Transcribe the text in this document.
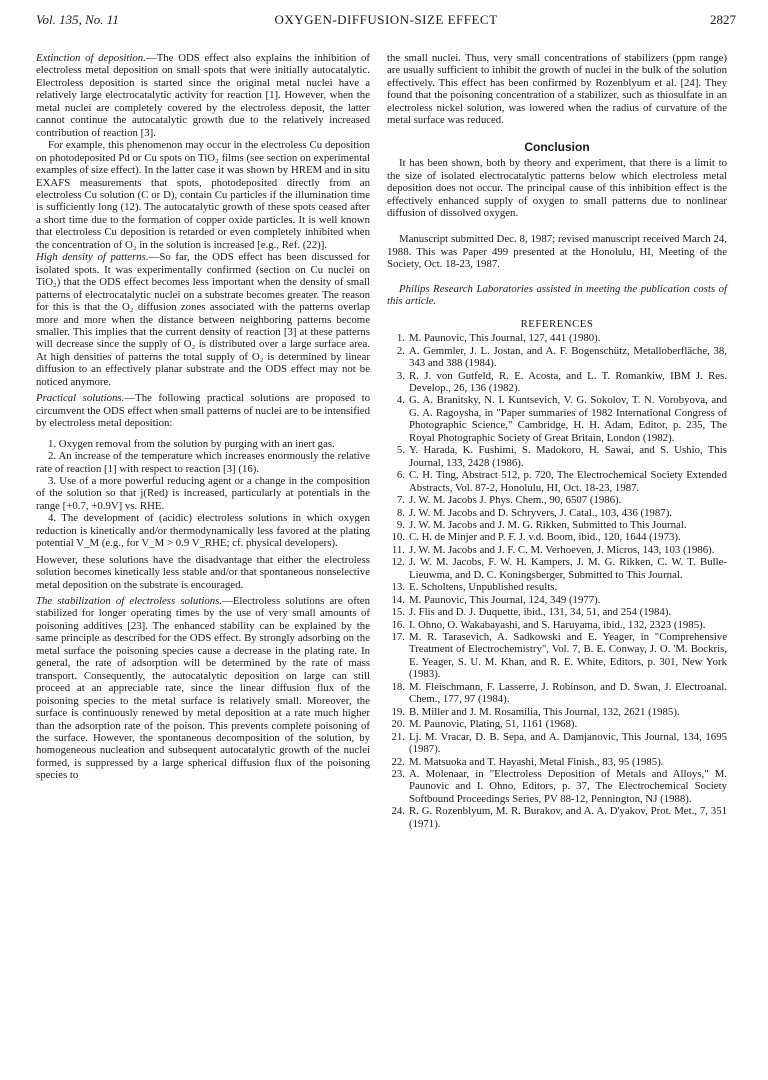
Vol. 135, No. 11	OXYGEN-DIFFUSION-SIZE EFFECT	2827

Extinction of deposition.—The ODS effect also explains the inhibition of electroless metal deposition on small spots that were initially autocatalytic. Electroless deposition is started since the original metal nuclei have a relatively large electrocatalytic activity for reaction [1]. However, when the metal nuclei are completely covered by the electroless deposit, the latter cannot continue the autocatalytic growth due to the relatively increased contribution of reaction [3].

For example, this phenomenon may occur in the electroless Cu deposition on photodeposited Pd or Cu spots on TiO₂ films (see section on experimental examples of size effect). In the latter case it was shown by HREM and in situ EXAFS measurements that spots, photodeposited directly from an electroless Cu solution (C or D), contain Cu particles if the illumination time is sufficiently long (12). The autocatalytic growth of these spots ceased after a short time due to the formation of copper oxide particles. It is well known that electroless Cu deposition is retarded or even completely inhibited when the concentration of O₂ in the solution is increased [e.g., Ref. (22)].

High density of patterns.—So far, the ODS effect has been discussed for isolated spots. It was experimentally confirmed (section on Cu nuclei on TiO₂) that the ODS effect becomes less important when the density of small patterns of electrocatalytic nuclei on a substrate becomes greater. The reason for this is that the O₂ diffusion zones associated with the patterns overlap more and more when the distance between neighboring patterns become smaller. This implies that the current density of reaction [3] at these patterns will decrease since the supply of O₂ is distributed over a large surface area. At high densities of patterns the total supply of O₂ is determined by linear diffusion to an effectively planar substrate and the ODS effect may not be noticed anymore.

Practical solutions.—The following practical solutions are proposed to circumvent the ODS effect when small patterns of nuclei are to be intensified by electroless metal deposition:

1. Oxygen removal from the solution by purging with an inert gas.

2. An increase of the temperature which increases enormously the relative rate of reaction [1] with respect to reaction [3] (16).

3. Use of a more powerful reducing agent or a change in the composition of the solution so that j(Red) is increased, particularly at potentials in the range [+0.7, +0.9V] vs. RHE.

4. The development of (acidic) electroless solutions in which oxygen reduction is kinetically and/or thermodynamically less favored at the plating potential V_M (e.g., for V_M > 0.9 V_RHE; cf. physical developers).

However, these solutions have the disadvantage that either the electroless solution becomes kinetically less stable and/or that spontaneous nonselective metal deposition on the substrate is encouraged.

The stabilization of electroless solutions.—Electroless solutions are often stabilized for longer operating times by the use of very small amounts of poisoning additives [23]. The enhanced stability can be explained by the same principle as described for the ODS effect. By strongly adsorbing on the metal surface the poisoning species cause a decrease in the plating rate. In general, the rate of adsorption will be determined by the rate of mass transport. Consequently, the autocatalytic deposition on large can still proceed at an appreciable rate, since the linear diffusion flux of the poisoning species to the metal surface is relatively small. Moreover, the surface is continuously renewed by metal deposition at a rate much higher than the adsorption rate of the poison. This prevents complete poisoning of the surface. However, the spontaneous decomposition of the solution, by homogeneous nucleation and subsequent autocatalytic growth of the nuclei formed, is suppressed by a large spherical diffusion flux of the poisoning species to

the small nuclei. Thus, very small concentrations of stabilizers (ppm range) are usually sufficient to inhibit the growth of nuclei in the bulk of the solution effectively. This effect has been confirmed by Rozenblyum et al. [24]. They found that the poisoning concentration of a stabilizer, such as thiosulfate in an electroless nickel solution, was lowered when the radius of curvature of the metal surface was reduced.

Conclusion

It has been shown, both by theory and experiment, that there is a limit to the size of isolated electrocatalytic patterns below which electroless metal deposition does not occur. The principal cause of this inhibition effect is the effectively enhanced supply of oxygen to small patterns due to nonlinear diffusion of dissolved oxygen.

Manuscript submitted Dec. 8, 1987; revised manuscript received March 24, 1988. This was Paper 499 presented at the Honolulu, HI, Meeting of the Society, Oct. 18-23, 1987.

Philips Research Laboratories assisted in meeting the publication costs of this article.

REFERENCES
1. M. Paunovic, This Journal, 127, 441 (1980).
2. A. Gemmler, J. L. Jostan, and A. F. Bogenschütz, Metalloberfläche, 38, 343 and 388 (1984).
3. R. J. von Gutfeld, R. E. Acosta, and L. T. Romankiw, IBM J. Res. Develop., 26, 136 (1982).
4. G. A. Branitsky, N. I. Kuntsevich, V. G. Sokolov, T. N. Vorobyova, and G. A. Ragoysha, in "Paper summaries of 1982 International Congress of Photographic Science," Cambridge, H. H. Adam, Editor, p. 235, The Royal Photographic Society of Great Britain, London (1982).
5. Y. Harada, K. Fushimi, S. Madokoro, H. Sawai, and S. Ushio, This Journal, 133, 2428 (1986).
6. C. H. Ting, Abstract 512, p. 720, The Electrochemical Society Extended Abstracts, Vol. 87-2, Honolulu, HI, Oct. 18-23, 1987.
7. J. W. M. Jacobs J. Phys. Chem., 90, 6507 (1986).
8. J. W. M. Jacobs and D. Schryvers, J. Catal., 103, 436 (1987).
9. J. W. M. Jacobs and J. M. G. Rikken, Submitted to This Journal.
10. C. H. de Minjer and P. F. J. v.d. Boom, ibid., 120, 1644 (1973).
11. J. W. M. Jacobs and J. F. C. M. Verhoeven, J. Micros, 143, 103 (1986).
12. J. W. M. Jacobs, F. W. H. Kampers, J. M. G. Rikken, C. W. T. Bulle-Lieuwma, and D. C. Koningsberger, Submitted to This Journal.
13. E. Scholtens, Unpublished results.
14. M. Paunovic, This Journal, 124, 349 (1977).
15. J. Flis and D. J. Duquette, ibid., 131, 34, 51, and 254 (1984).
16. I. Ohno, O. Wakabayashi, and S. Haruyama, ibid., 132, 2323 (1985).
17. M. R. Tarasevich, A. Sadkowski and E. Yeager, in "Comprehensive Treatment of Electrochemistry", Vol. 7, B. E. Conway, J. O. 'M. Bockris, E. Yeager, S. U. M. Khan, and R. E. White, Editors, p. 301, New York (1983).
18. M. Fleischmann, F. Lasserre, J. Robinson, and D. Swan, J. Electroanal. Chem., 177, 97 (1984).
19. B. Miller and J. M. Rosamilia, This Journal, 132, 2621 (1985).
20. M. Paunovic, Plating, 51, 1161 (1968).
21. Lj. M. Vracar, D. B. Sepa, and A. Damjanovic, This Journal, 134, 1695 (1987).
22. M. Matsuoka and T. Hayashi, Metal Finish., 83, 95 (1985).
23. A. Molenaar, in "Electroless Deposition of Metals and Alloys," M. Paunovic and I. Ohno, Editors, p. 37, The Electrochemical Society Softbound Proceedings Series, PV 88-12, Pennington, NJ (1988).
24. R. G. Rozenblyum, M. R. Burakov, and A. A. D'yakov, Prot. Met., 7, 351 (1971).
